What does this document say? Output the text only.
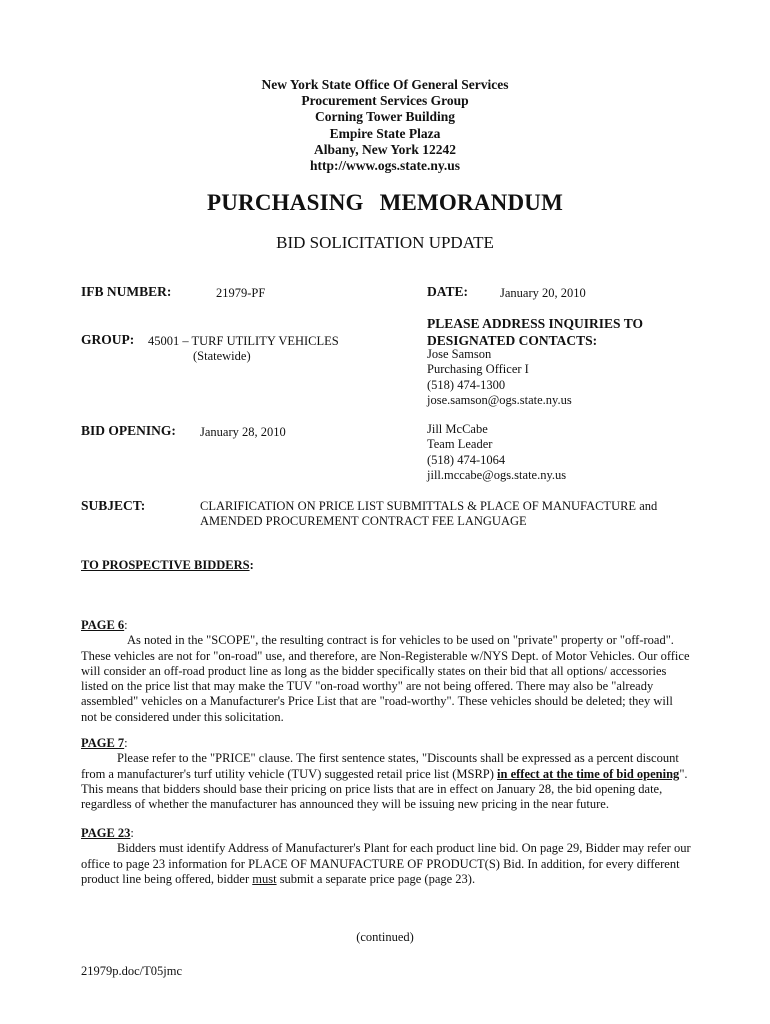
New York State Office Of General Services
Procurement Services Group
Corning Tower Building
Empire State Plaza
Albany, New York 12242
http://www.ogs.state.ny.us
PURCHASING MEMORANDUM
BID SOLICITATION UPDATE
IFB NUMBER:	21979-PF	DATE:	January 20, 2010
GROUP: 45001 – TURF UTILITY VEHICLES
(Statewide)
PLEASE ADDRESS INQUIRIES TO
DESIGNATED CONTACTS:
Jose Samson
Purchasing Officer I
(518) 474-1300
jose.samson@ogs.state.ny.us
Jill McCabe
Team Leader
(518) 474-1064
jill.mccabe@ogs.state.ny.us
BID OPENING: January 28, 2010
SUBJECT:	CLARIFICATION ON PRICE LIST SUBMITTALS & PLACE OF MANUFACTURE and
AMENDED PROCUREMENT CONTRACT FEE LANGUAGE
TO PROSPECTIVE BIDDERS:
PAGE 6:

As noted in the "SCOPE", the resulting contract is for vehicles to be used on "private" property or "off-road". These vehicles are not for "on-road" use, and therefore, are Non-Registerable w/NYS Dept. of Motor Vehicles. Our office will consider an off-road product line as long as the bidder specifically states on their bid that all options/ accessories listed on the price list that may make the TUV "on-road worthy" are not being offered. There may also be "already assembled" vehicles on a Manufacturer's Price List that are "road-worthy". These vehicles should be deleted; they will not be considered under this solicitation.

PAGE 7:

Please refer to the "PRICE" clause. The first sentence states, "Discounts shall be expressed as a percent discount from a manufacturer's turf utility vehicle (TUV) suggested retail price list (MSRP) in effect at the time of bid opening". This means that bidders should base their pricing on price lists that are in effect on January 28, the bid opening date, regardless of whether the manufacturer has announced they will be issuing new pricing in the near future.

PAGE 23:

Bidders must identify Address of Manufacturer's Plant for each product line bid. On page 29, Bidder may refer our office to page 23 information for PLACE OF MANUFACTURE OF PRODUCT(S) Bid. In addition, for every different product line being offered, bidder must submit a separate price page (page 23).

(continued)
21979p.doc/T05jmc
